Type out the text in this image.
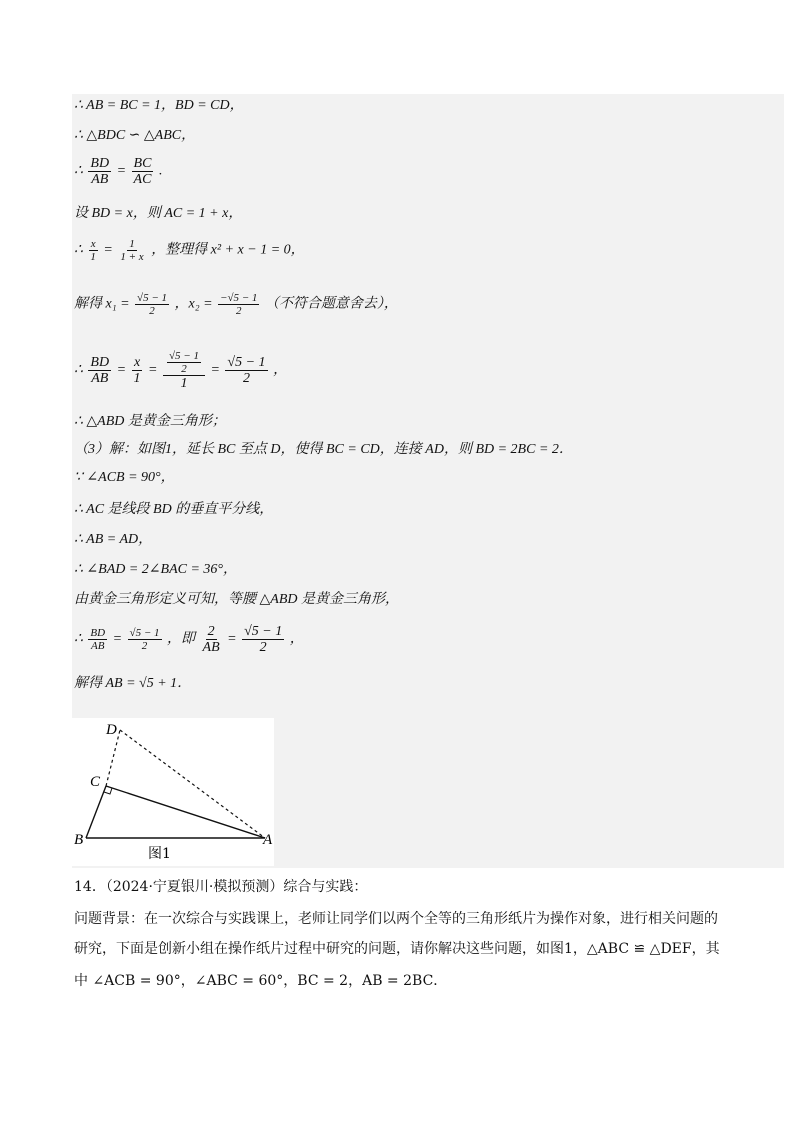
∴ AB = BC = 1，BD = CD，
∴ △BDC ∽ △ABC，
∴ $\frac{BD}{AB} = \frac{BC}{AC}$ .
设 BD = x，则 AC = 1 + x，
∴ $\frac{x}{1} = \frac{1}{1 + x}$ ，整理得 x² + x − 1 = 0，
解得 $x_1 = \frac{√5 - 1}{2}$ ，$x_2 = \frac{-√5 - 1}{2}$ （不符合题意舍去），
∴ $\frac{BD}{AB} = \frac{x}{1} = \frac{\frac{√5 - 1}{2}}{1} = \frac{√5 - 1}{2}$ ，
∴ △ABD 是黄金三角形；
（3）解：如图1，延长 BC 至点 D，使得 BC = CD，连接 AD，则 BD = 2BC = 2．
∵ ∠ACB = 90°，
∴ AC 是线段 BD 的垂直平分线，
∴ AB = AD，
∴ ∠BAD = 2∠BAC = 36°，
由黄金三角形定义可知，等腰 △ABD 是黄金三角形，
∴ $\frac{BD}{AB} = \frac{√5 - 1}{2}$ ，即 $\frac{2}{AB} = \frac{√5 - 1}{2}$ ，
解得 AB = √5 + 1．
D
C
B	A
图1
14．（2024·宁夏银川·模拟预测）综合与实践：
问题背景：在一次综合与实践课上，老师让同学们以两个全等的三角形纸片为操作对象，进行相关问题的
研究，下面是创新小组在操作纸片过程中研究的问题，请你解决这些问题，如图1，△ABC ≌ △DEF，其
中 ∠ACB = 90°，∠ABC = 60°，BC = 2，AB = 2BC．
